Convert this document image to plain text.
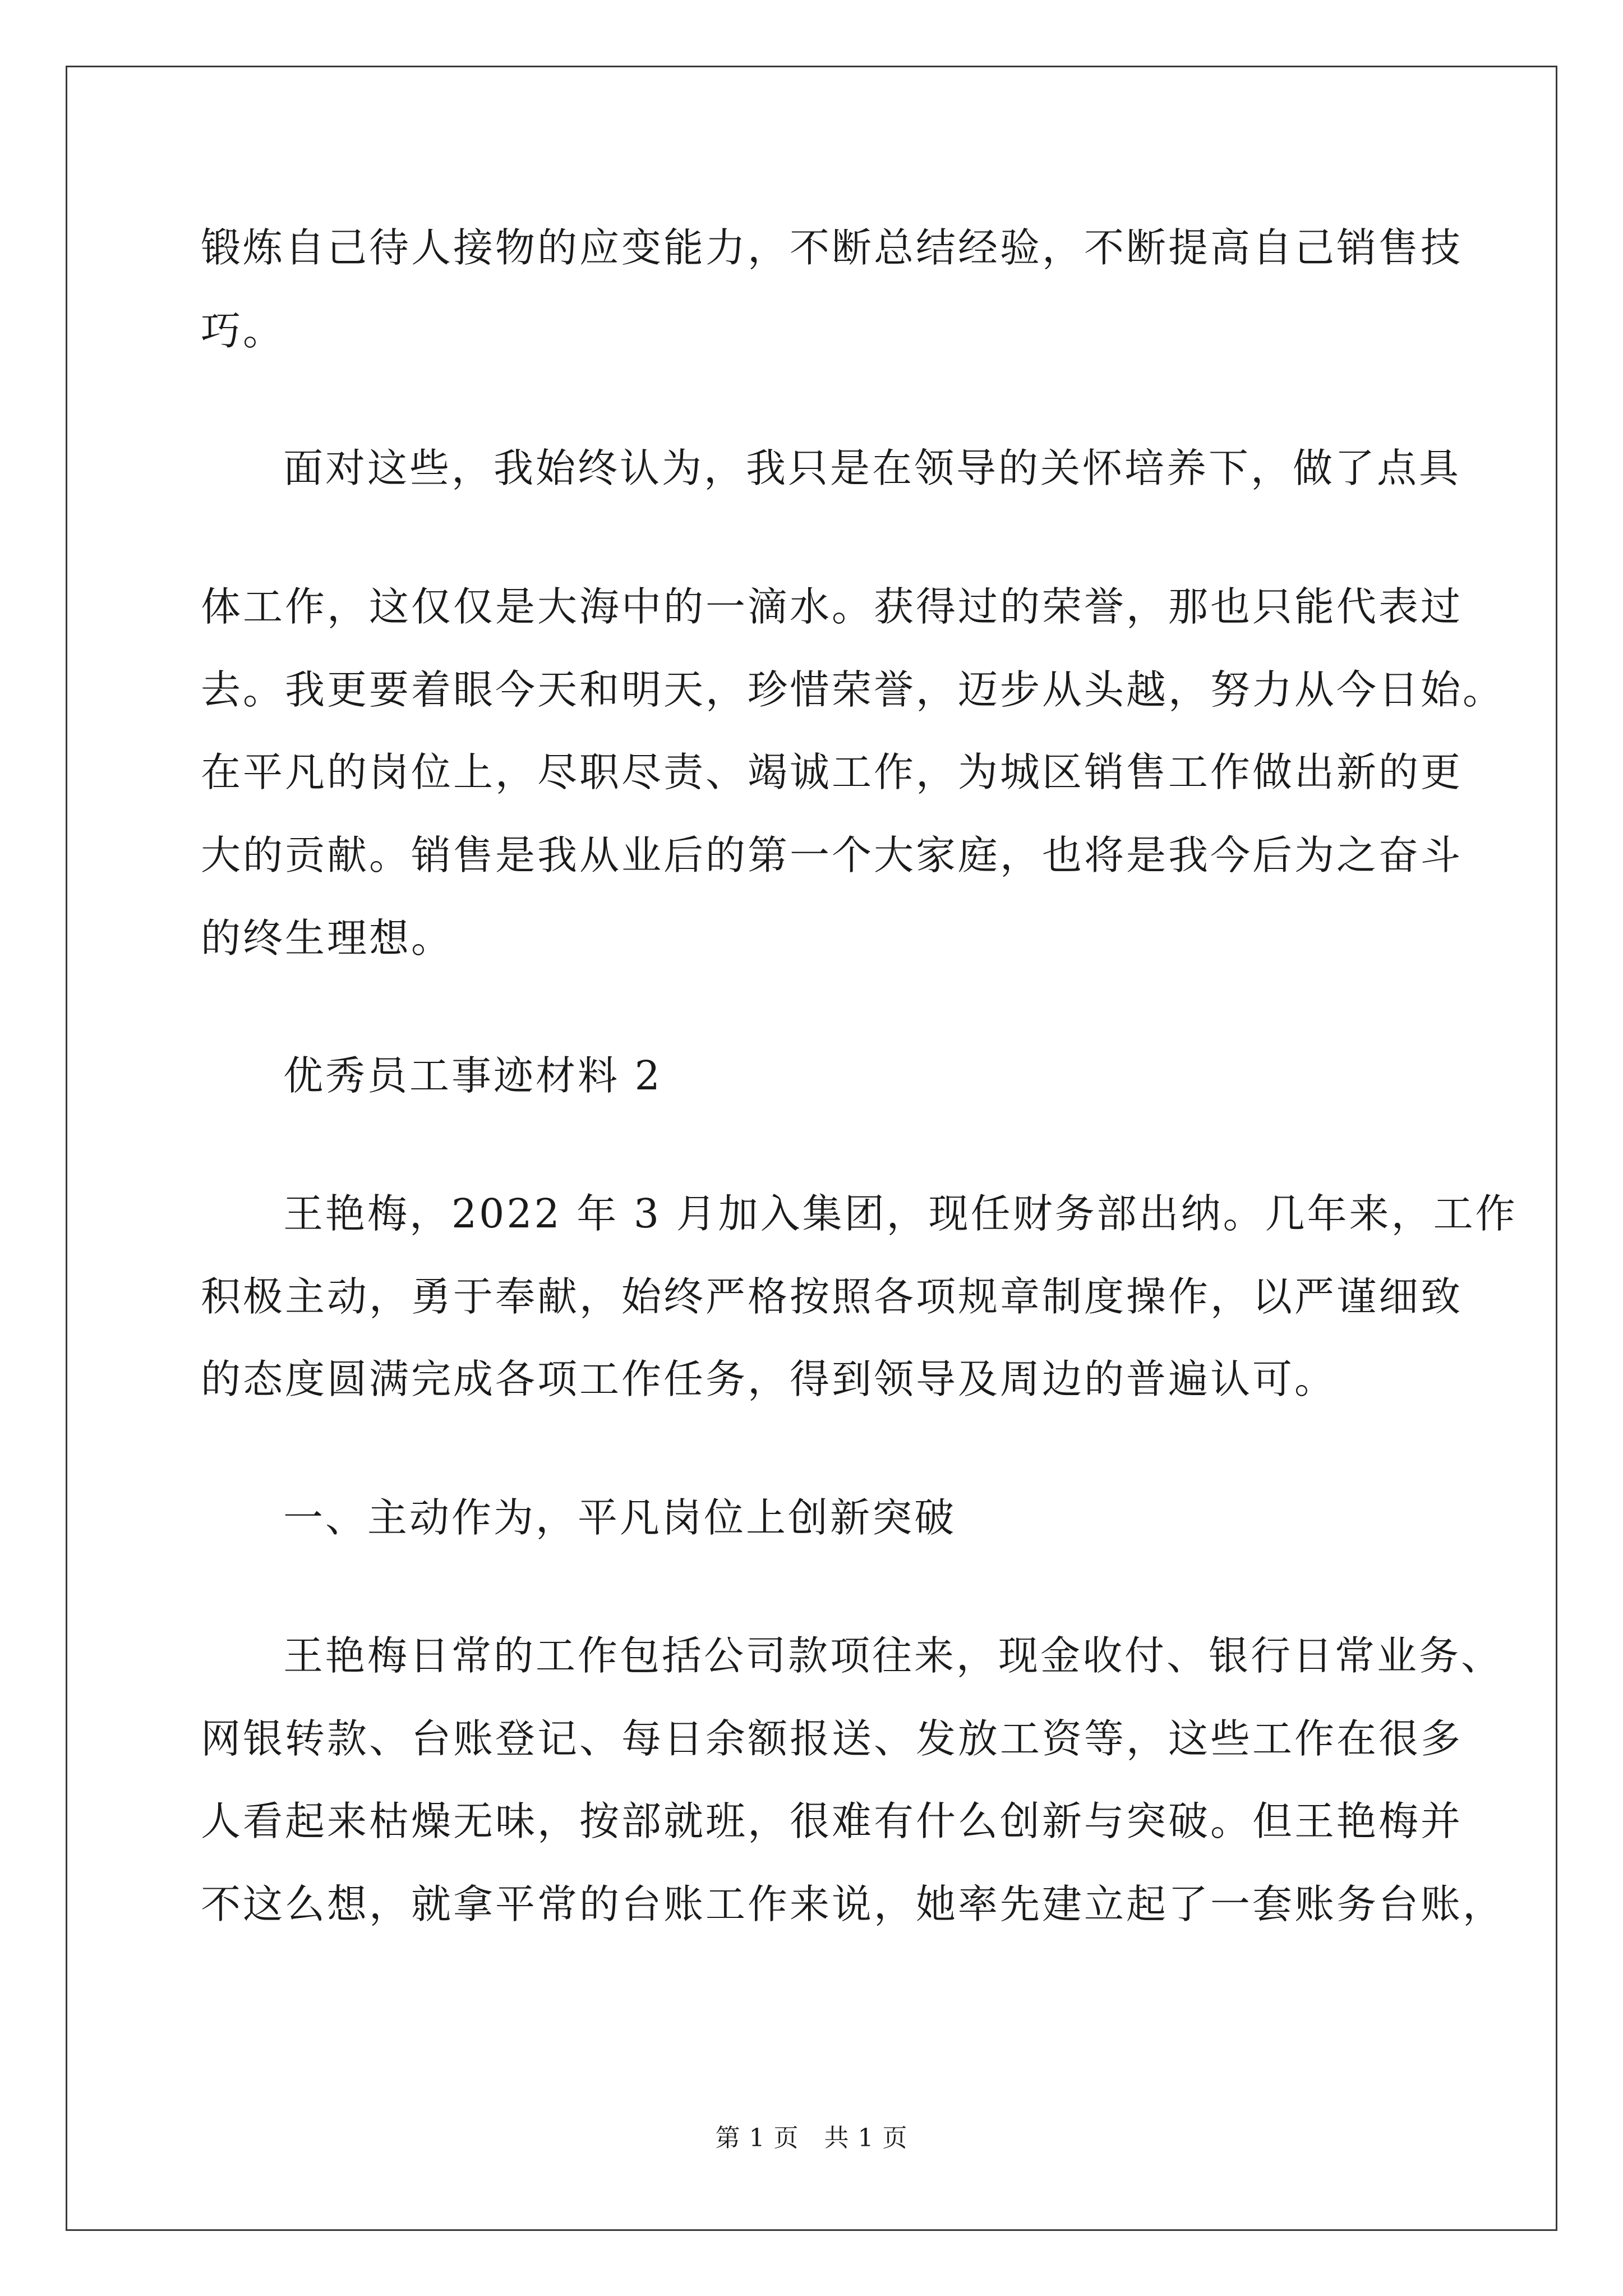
锻炼自己待人接物的应变能力，不断总结经验，不断提高自己销售技
巧。
面对这些，我始终认为，我只是在领导的关怀培养下，做了点具
体工作，这仅仅是大海中的一滴水。获得过的荣誉，那也只能代表过
去。我更要着眼今天和明天，珍惜荣誉，迈步从头越，努力从今日始。
在平凡的岗位上，尽职尽责、竭诚工作，为城区销售工作做出新的更
大的贡献。销售是我从业后的第一个大家庭，也将是我今后为之奋斗
的终生理想。
优秀员工事迹材料 2
王艳梅，2022 年 3 月加入集团，现任财务部出纳。几年来，工作
积极主动，勇于奉献，始终严格按照各项规章制度操作，以严谨细致
的态度圆满完成各项工作任务，得到领导及周边的普遍认可。
一、主动作为，平凡岗位上创新突破
王艳梅日常的工作包括公司款项往来，现金收付、银行日常业务、
网银转款、台账登记、每日余额报送、发放工资等，这些工作在很多
人看起来枯燥无味，按部就班，很难有什么创新与突破。但王艳梅并
不这么想，就拿平常的台账工作来说，她率先建立起了一套账务台账，
第 1 页   共 1 页
